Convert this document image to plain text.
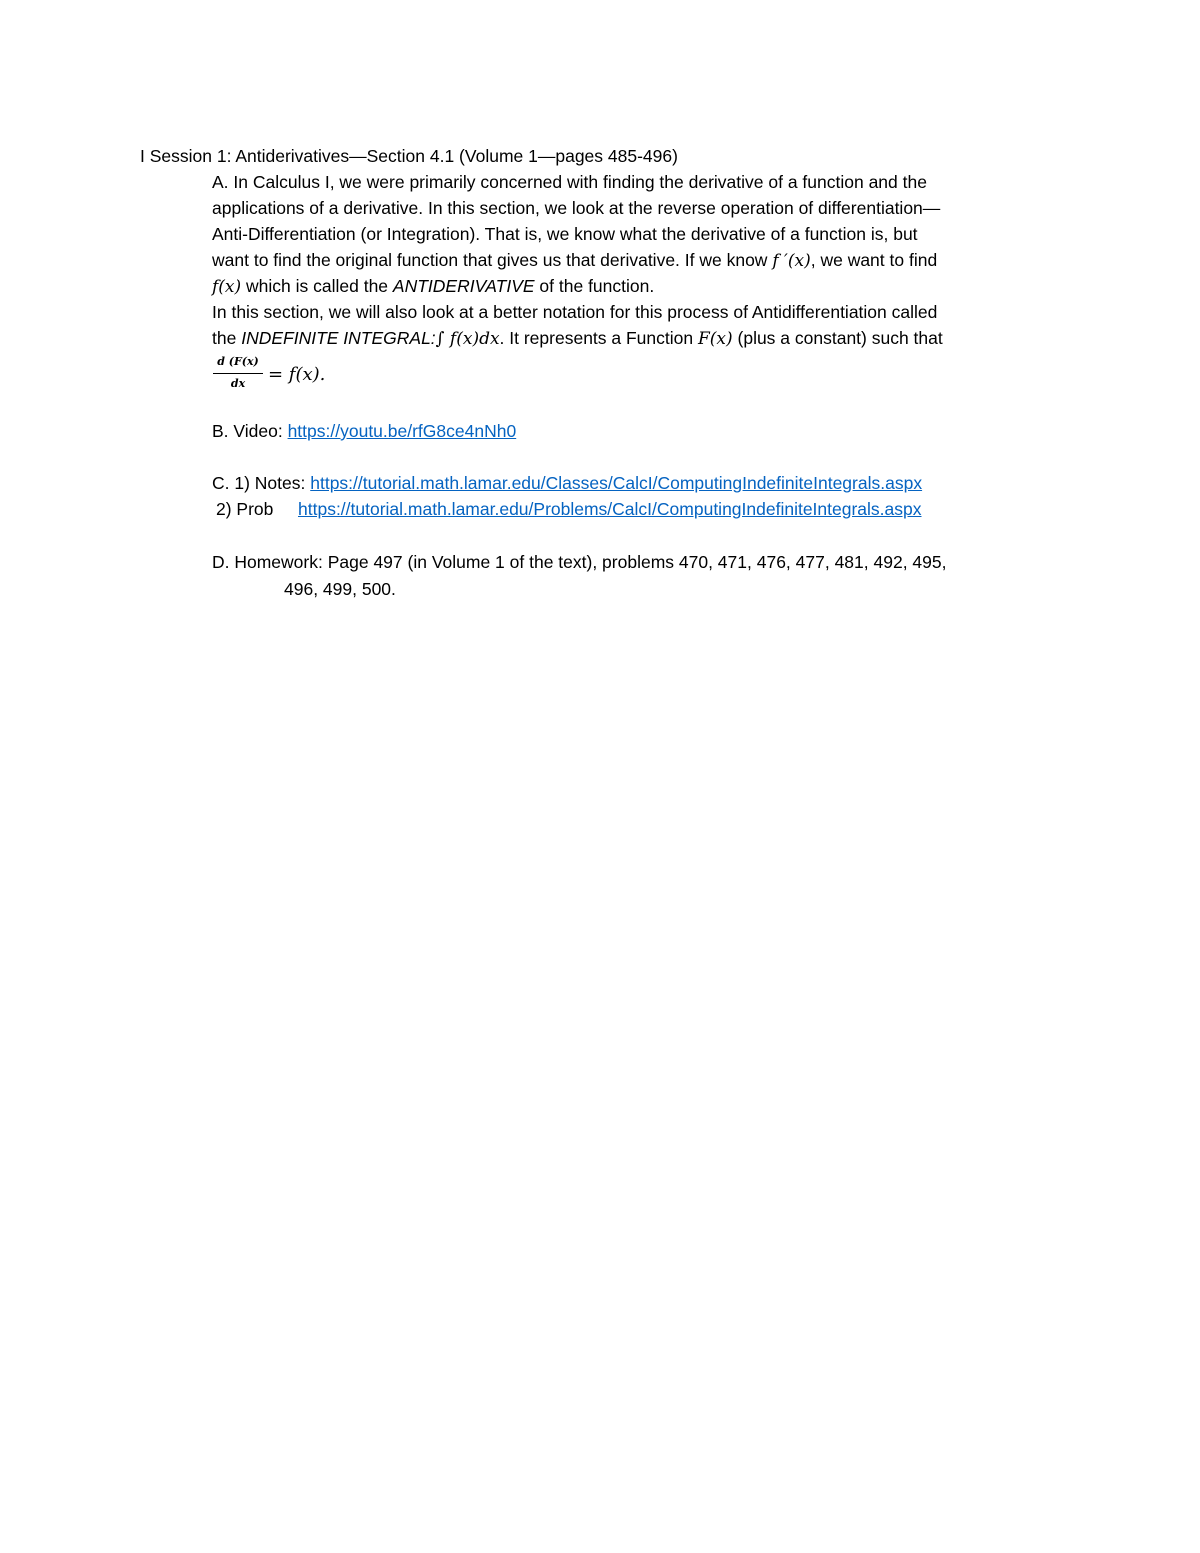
I Session 1: Antiderivatives—Section 4.1 (Volume 1—pages 485-496)
A. In Calculus I, we were primarily concerned with finding the derivative of a function and the
applications of a derivative. In this section, we look at the reverse operation of differentiation—
Anti-Differentiation (or Integration). That is, we know what the derivative of a function is, but
want to find the original function that gives us that derivative. If we know f ′(x), we want to find
f(x) which is called the ANTIDERIVATIVE of the function.
In this section, we will also look at a better notation for this process of Antidifferentiation called
the INDEFINITE INTEGRAL:∫ f(x)dx. It represents a Function F(x) (plus a constant) such that
d (F(x)
dx	= f(x).
B. Video: https://youtu.be/rfG8ce4nNh0
C. 1) Notes: https://tutorial.math.lamar.edu/Classes/CalcI/ComputingIndefiniteIntegrals.aspx
2) Prob https://tutorial.math.lamar.edu/Problems/CalcI/ComputingIndefiniteIntegrals.aspx
D. Homework: Page 497 (in Volume 1 of the text), problems 470, 471, 476, 477, 481, 492, 495,
496, 499, 500.
